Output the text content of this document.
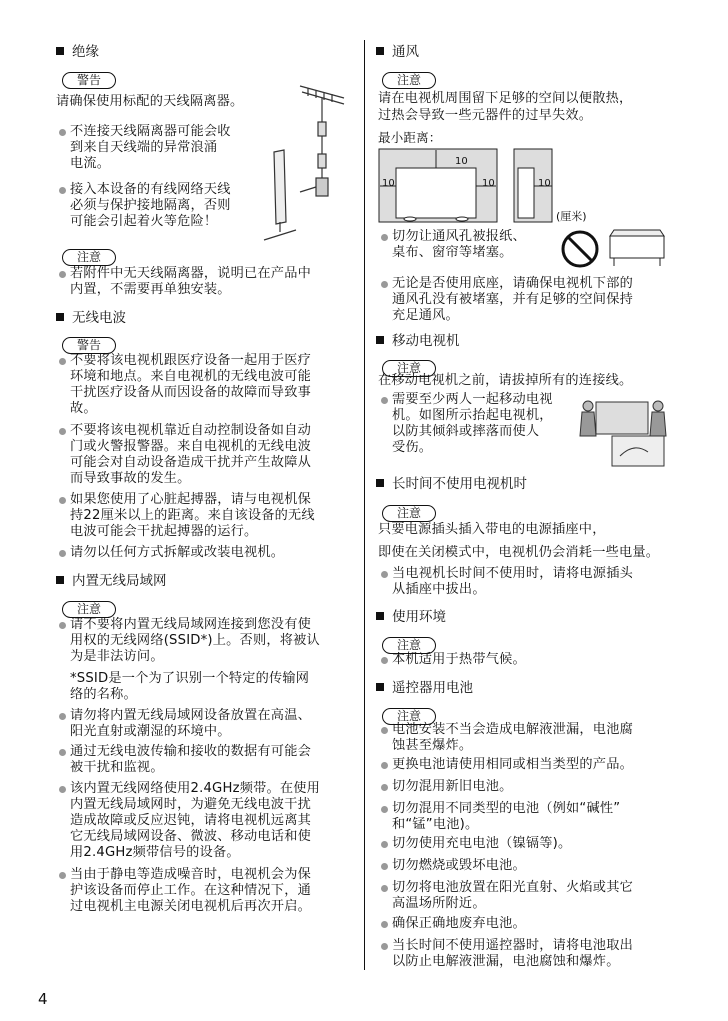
绝缘
警告
请确保使用标配的天线隔离器。
不连接天线隔离器可能会收
到来自天线端的异常浪涌
电流。
接入本设备的有线网络天线
必须与保护接地隔离，否则
可能会引起着火等危险！
注意
若附件中无天线隔离器，说明已在产品中
内置，不需要再单独安装。
无线电波
警告
不要将该电视机跟医疗设备一起用于医疗
环境和地点。来自电视机的无线电波可能
干扰医疗设备从而因设备的故障而导致事
故。
不要将该电视机靠近自动控制设备如自动
门或火警报警器。来自电视机的无线电波
可能会对自动设备造成干扰并产生故障从
而导致事故的发生。
如果您使用了心脏起搏器，请与电视机保
持22厘米以上的距离。来自该设备的无线
电波可能会干扰起搏器的运行。
请勿以任何方式拆解或改装电视机。
内置无线局域网
注意
请不要将内置无线局域网连接到您没有使
用权的无线网络(SSID*)上。否则，将被认
为是非法访问。
*SSID是一个为了识别一个特定的传输网
络的名称。
请勿将内置无线局域网设备放置在高温、
阳光直射或潮湿的环境中。
通过无线电波传输和接收的数据有可能会
被干扰和监视。
该内置无线网络使用2.4GHz频带。在使用
内置无线局域网时，为避免无线电波干扰
造成故障或反应迟钝，请将电视机远离其
它无线局域网设备、微波、移动电话和使
用2.4GHz频带信号的设备。
当由于静电等造成噪音时，电视机会为保
护该设备而停止工作。在这种情况下，通
过电视机主电源关闭电视机后再次开启。
通风
注意
请在电视机周围留下足够的空间以便散热，
过热会导致一些元器件的过早失效。
最小距离：
10
10	10	10
(厘米)
切勿让通风孔被报纸、
桌布、窗帘等堵塞。
无论是否使用底座，请确保电视机下部的
通风孔没有被堵塞，并有足够的空间保持
充足通风。
移动电视机
注意
在移动电视机之前，请拔掉所有的连接线。
需要至少两人一起移动电视
机。如图所示抬起电视机，
以防其倾斜或摔落而使人
受伤。
长时间不使用电视机时
注意
只要电源插头插入带电的电源插座中，
即使在关闭模式中，电视机仍会消耗一些电量。
当电视机长时间不使用时，请将电源插头
从插座中拔出。
使用环境
注意
本机适用于热带气候。
遥控器用电池
注意
电池安装不当会造成电解液泄漏，电池腐
蚀甚至爆炸。
更换电池请使用相同或相当类型的产品。
切勿混用新旧电池。
切勿混用不同类型的电池（例如“碱性”
和“锰”电池)。
切勿使用充电电池（镍镉等)。
切勿燃烧或毁坏电池。
切勿将电池放置在阳光直射、火焰或其它
高温场所附近。
确保正确地废弃电池。
当长时间不使用遥控器时，请将电池取出
以防止电解液泄漏，电池腐蚀和爆炸。
4
